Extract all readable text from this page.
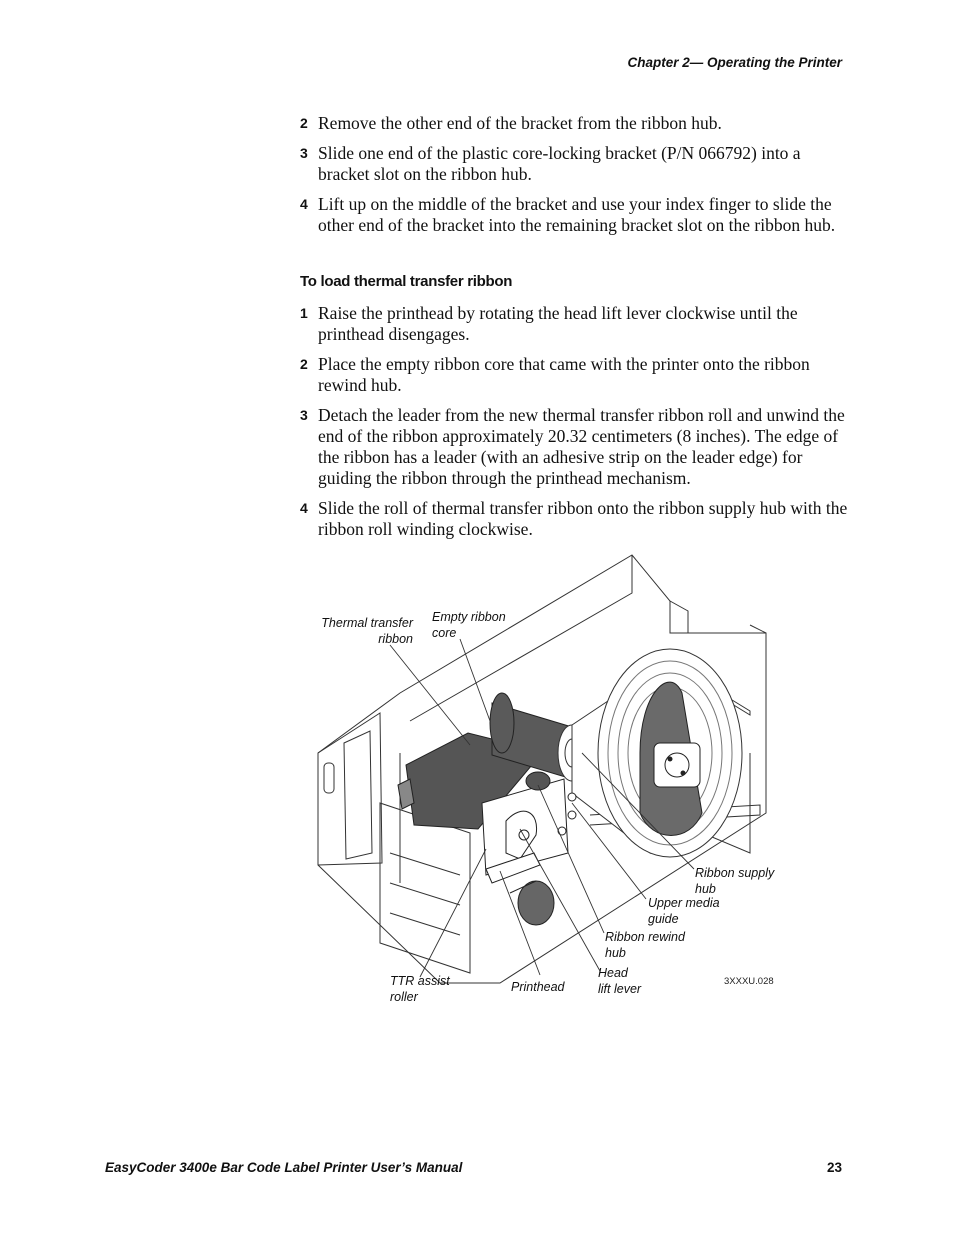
Chapter 2— Operating the Printer
2 Remove the other end of the bracket from the ribbon hub.
3 Slide one end of the plastic core-locking bracket (P/N 066792) into a bracket slot on the ribbon hub.
4 Lift up on the middle of the bracket and use your index finger to slide the other end of the bracket into the remaining bracket slot on the ribbon hub.
To load thermal transfer ribbon
1 Raise the printhead by rotating the head lift lever clockwise until the printhead disengages.
2 Place the empty ribbon core that came with the printer onto the ribbon rewind hub.
3 Detach the leader from the new thermal transfer ribbon roll and unwind the end of the ribbon approximately 20.32 centimeters (8 inches). The edge of the ribbon has a leader (with an adhesive strip on the leader edge) for guiding the ribbon through the printhead mechanism.
4 Slide the roll of thermal transfer ribbon onto the ribbon supply hub with the ribbon roll winding clockwise.
Thermal transfer
ribbon
Empty ribbon
core
Ribbon supply
hub
Upper media
guide
Ribbon rewind
hub
Head
lift lever
Printhead
TTR assist
roller
3XXXU.028
EasyCoder 3400e Bar Code Label Printer User’s Manual	23
